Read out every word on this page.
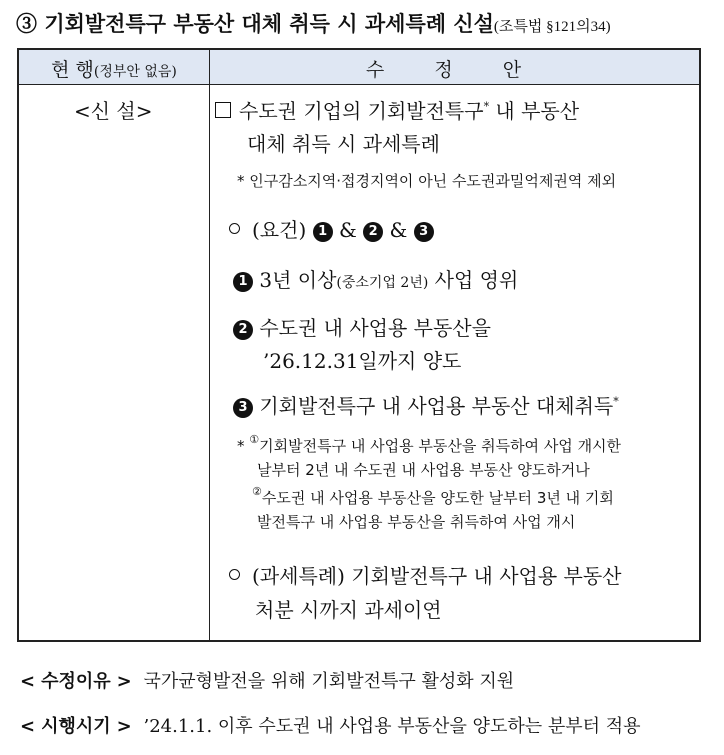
③ 기회발전특구 부동산 대체 취득 시 과세특례 신설(조특법 §121의34)
현 행(정부안 없음)	수 정 안
<신 설>	수도권 기업의 기회발전특구* 내 부동산
대체 취득 시 과세특례
* 인구감소지역·접경지역이 아닌 수도권과밀억제권역 제외
(요건) 1 & 2 & 3
1 3년 이상(중소기업 2년) 사업 영위
2 수도권 내 사업용 부동산을
’26.12.31일까지 양도
3 기회발전특구 내 사업용 부동산 대체취득*
* ①기회발전특구 내 사업용 부동산을 취득하여 사업 개시한
날부터 2년 내 수도권 내 사업용 부동산 양도하거나
②수도권 내 사업용 부동산을 양도한 날부터 3년 내 기회
발전특구 내 사업용 부동산을 취득하여 사업 개시
(과세특례) 기회발전특구 내 사업용 부동산
처분 시까지 과세이연
< 수정이유 > 국가균형발전을 위해 기회발전특구 활성화 지원
< 시행시기 > ’24.1.1. 이후 수도권 내 사업용 부동산을 양도하는 분부터 적용
